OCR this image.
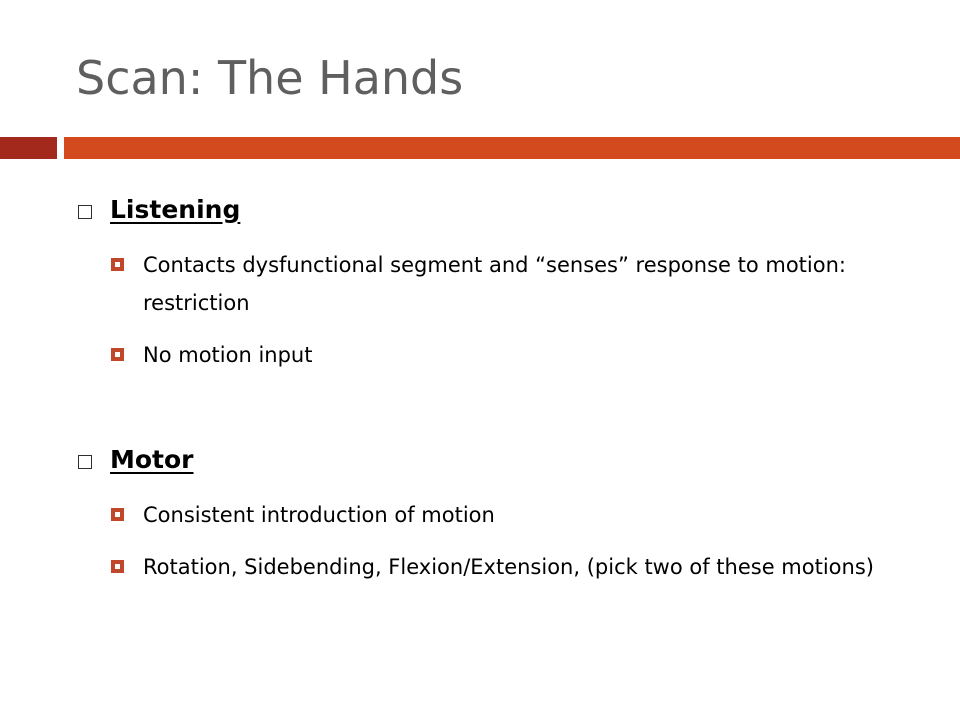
Scan: The Hands
Listening
Contacts dysfunctional segment and “senses” response to motion: restriction
No motion input
Motor
Consistent introduction of motion
Rotation, Sidebending, Flexion/Extension, (pick two of these motions)
